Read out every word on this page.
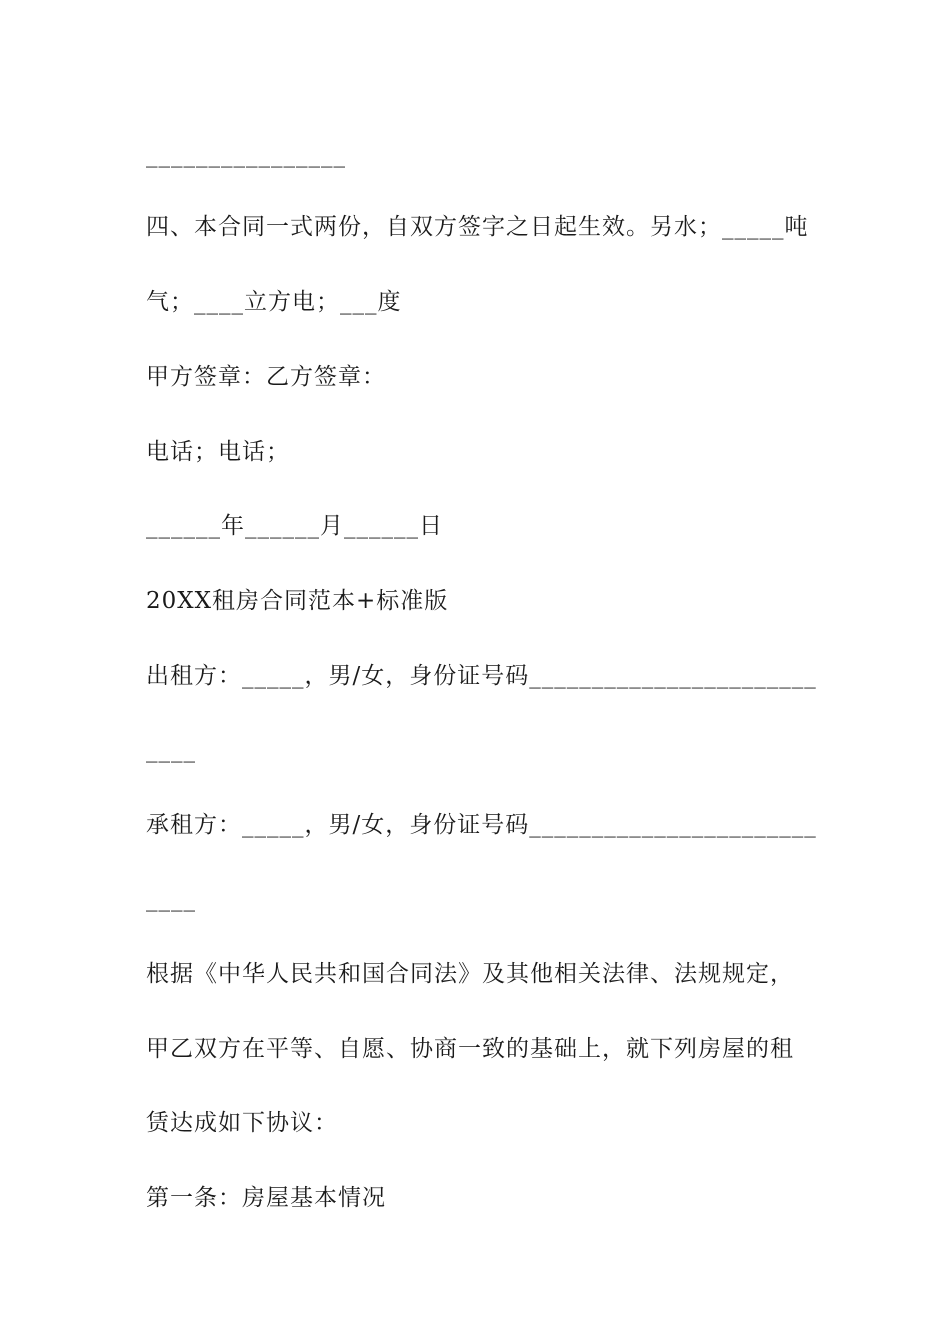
________________
四、本合同一式两份，自双方签字之日起生效。另水；_____吨
气；____立方电；___度
甲方签章：乙方签章：
电话；电话；
______年______月______日
20XX租房合同范本+标准版
出租方：_____，男/女，身份证号码_______________________
____
承租方：_____，男/女，身份证号码_______________________
____
根据《中华人民共和国合同法》及其他相关法律、法规规定，
甲乙双方在平等、自愿、协商一致的基础上，就下列房屋的租
赁达成如下协议：
第一条：房屋基本情况
